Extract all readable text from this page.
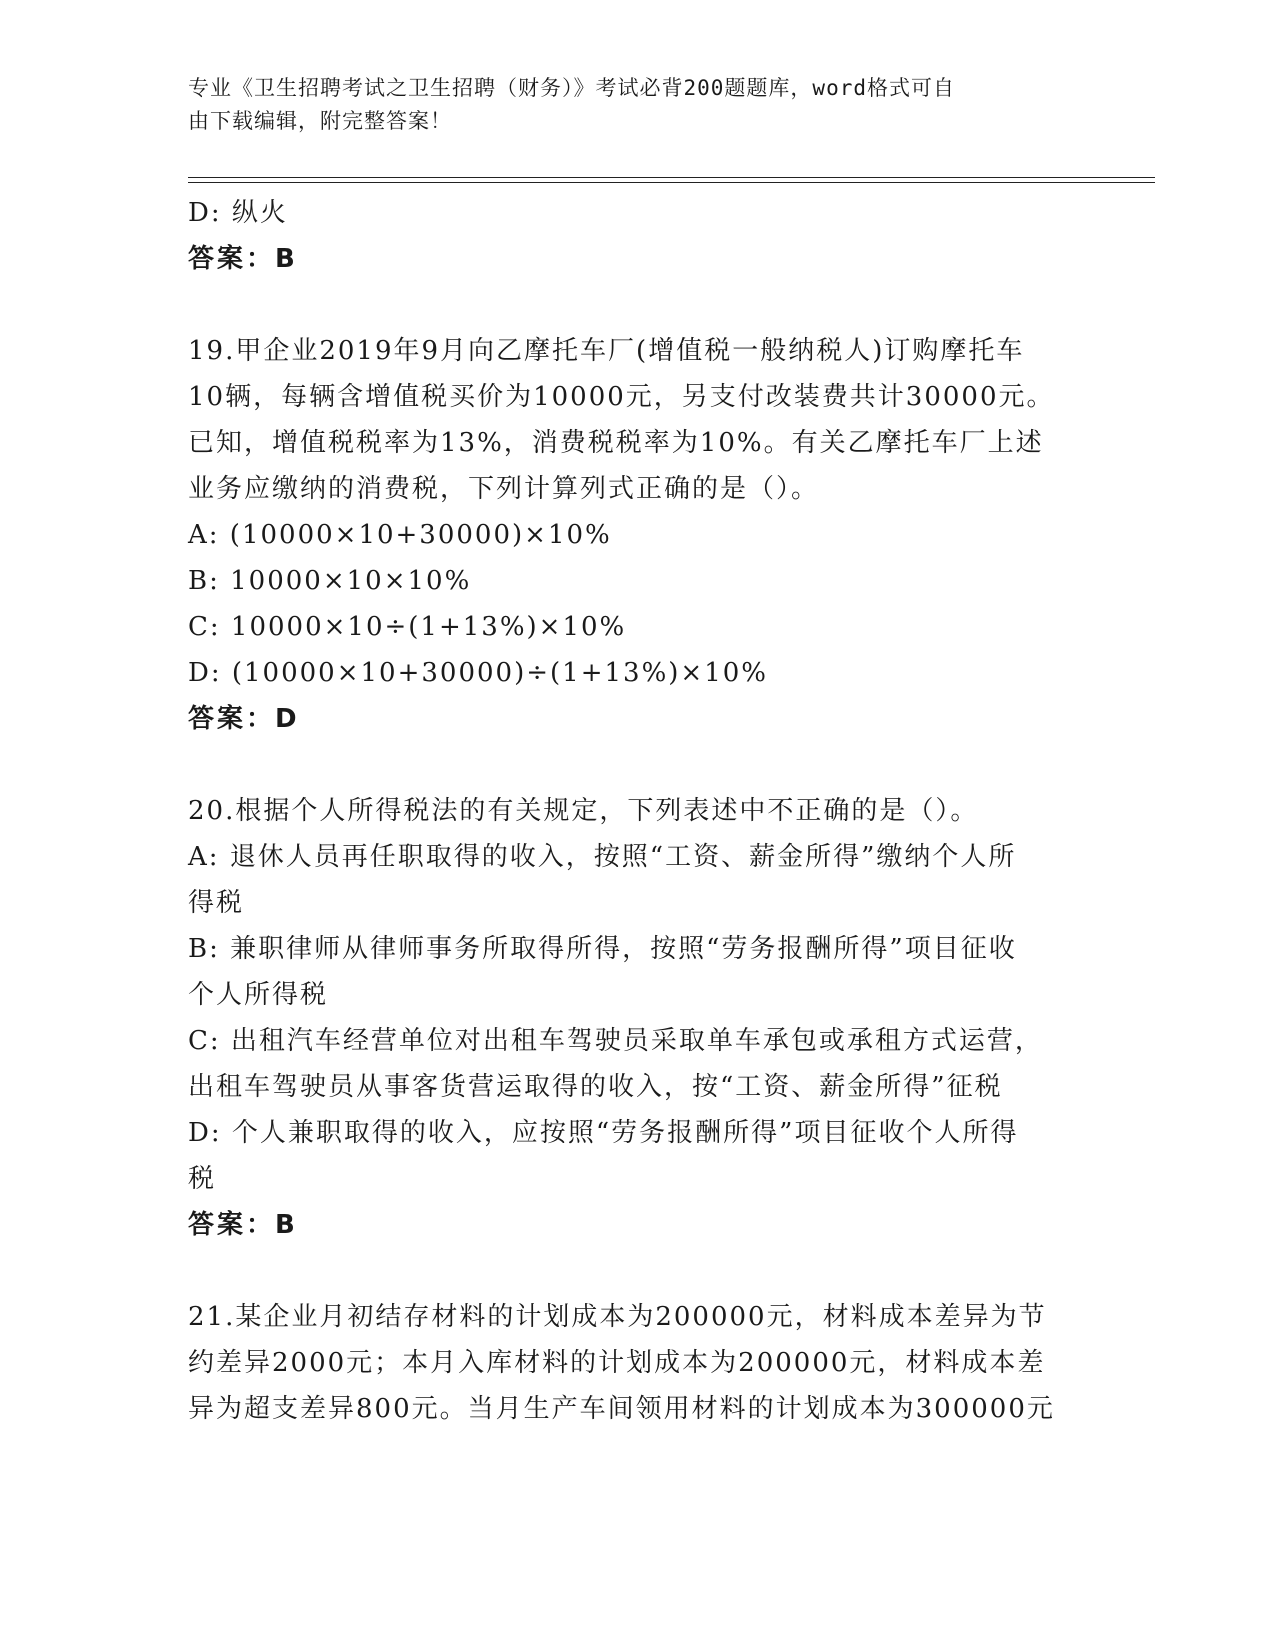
专业《卫生招聘考试之卫生招聘（财务）》考试必背200题题库，word格式可自
由下载编辑，附完整答案！
D: 纵火
答案：B
19.甲企业2019年9月向乙摩托车厂(增值税一般纳税人)订购摩托车
10辆，每辆含增值税买价为10000元，另支付改装费共计30000元。
已知，增值税税率为13%，消费税税率为10%。有关乙摩托车厂上述
业务应缴纳的消费税，下列计算列式正确的是（）。
A: (10000×10+30000)×10%
B: 10000×10×10%
C: 10000×10÷(1+13%)×10%
D: (10000×10+30000)÷(1+13%)×10%
答案：D
20.根据个人所得税法的有关规定，下列表述中不正确的是（）。
A: 退休人员再任职取得的收入，按照“工资、薪金所得”缴纳个人所
得税
B: 兼职律师从律师事务所取得所得，按照“劳务报酬所得”项目征收
个人所得税
C: 出租汽车经营单位对出租车驾驶员采取单车承包或承租方式运营，
出租车驾驶员从事客货营运取得的收入，按“工资、薪金所得”征税
D: 个人兼职取得的收入，应按照“劳务报酬所得”项目征收个人所得
税
答案：B
21.某企业月初结存材料的计划成本为200000元，材料成本差异为节
约差异2000元；本月入库材料的计划成本为200000元，材料成本差
异为超支差异800元。当月生产车间领用材料的计划成本为300000元
